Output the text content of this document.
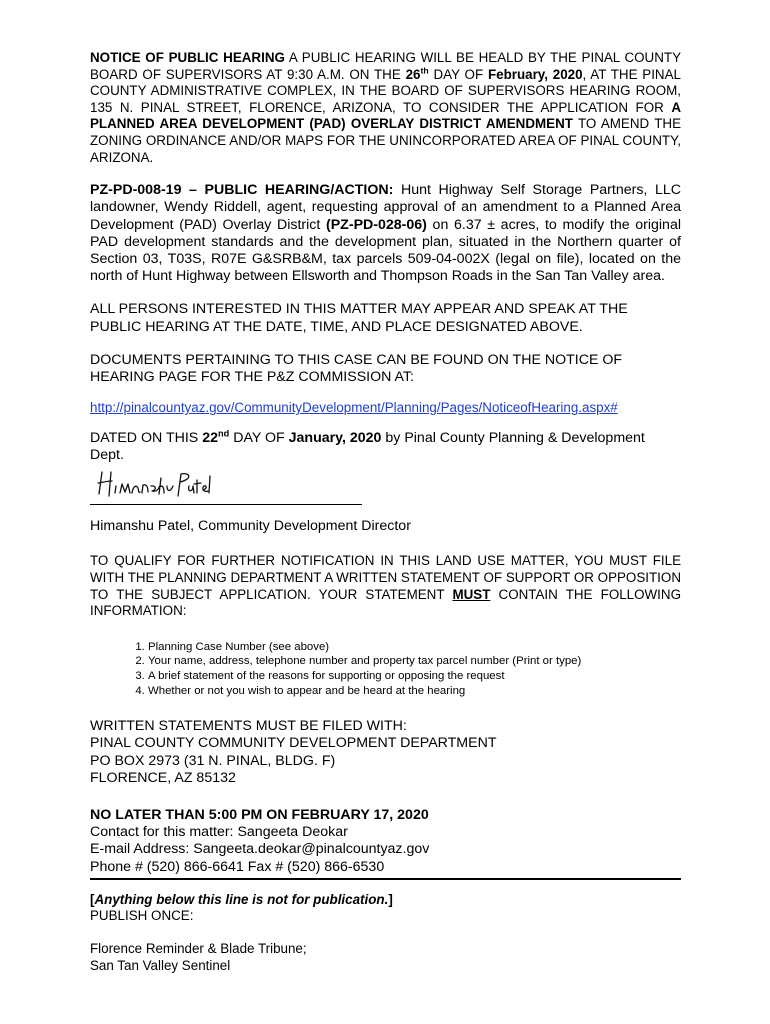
NOTICE OF PUBLIC HEARING A PUBLIC HEARING WILL BE HEALD BY THE PINAL COUNTY BOARD OF SUPERVISORS AT 9:30 A.M. ON THE 26th DAY OF February, 2020, AT THE PINAL COUNTY ADMINISTRATIVE COMPLEX, IN THE BOARD OF SUPERVISORS HEARING ROOM, 135 N. PINAL STREET, FLORENCE, ARIZONA, TO CONSIDER THE APPLICATION FOR A PLANNED AREA DEVELOPMENT (PAD) OVERLAY DISTRICT AMENDMENT TO AMEND THE ZONING ORDINANCE AND/OR MAPS FOR THE UNINCORPORATED AREA OF PINAL COUNTY, ARIZONA.

PZ-PD-008-19 – PUBLIC HEARING/ACTION: Hunt Highway Self Storage Partners, LLC landowner, Wendy Riddell, agent, requesting approval of an amendment to a Planned Area Development (PAD) Overlay District (PZ-PD-028-06) on 6.37 ± acres, to modify the original PAD development standards and the development plan, situated in the Northern quarter of Section 03, T03S, R07E G&SRB&M, tax parcels 509-04-002X (legal on file), located on the north of Hunt Highway between Ellsworth and Thompson Roads in the San Tan Valley area.

ALL PERSONS INTERESTED IN THIS MATTER MAY APPEAR AND SPEAK AT THE PUBLIC HEARING AT THE DATE, TIME, AND PLACE DESIGNATED ABOVE.

DOCUMENTS PERTAINING TO THIS CASE CAN BE FOUND ON THE NOTICE OF HEARING PAGE FOR THE P&Z COMMISSION AT:

http://pinalcountyaz.gov/CommunityDevelopment/Planning/Pages/NoticeofHearing.aspx#

DATED ON THIS 22nd DAY OF January, 2020 by Pinal County Planning & Development Dept.

Himanshu Patel, Community Development Director

TO QUALIFY FOR FURTHER NOTIFICATION IN THIS LAND USE MATTER, YOU MUST FILE WITH THE PLANNING DEPARTMENT A WRITTEN STATEMENT OF SUPPORT OR OPPOSITION TO THE SUBJECT APPLICATION. YOUR STATEMENT MUST CONTAIN THE FOLLOWING INFORMATION:

1. Planning Case Number (see above)
2. Your name, address, telephone number and property tax parcel number (Print or type)
3. A brief statement of the reasons for supporting or opposing the request
4. Whether or not you wish to appear and be heard at the hearing
WRITTEN STATEMENTS MUST BE FILED WITH:
PINAL COUNTY COMMUNITY DEVELOPMENT DEPARTMENT
PO BOX 2973 (31 N. PINAL, BLDG. F)
FLORENCE, AZ 85132
NO LATER THAN 5:00 PM ON FEBRUARY 17, 2020
Contact for this matter: Sangeeta Deokar
E-mail Address: Sangeeta.deokar@pinalcountyaz.gov
Phone # (520) 866-6641 Fax # (520) 866-6530
[Anything below this line is not for publication.]
PUBLISH ONCE:
Florence Reminder & Blade Tribune;
San Tan Valley Sentinel
